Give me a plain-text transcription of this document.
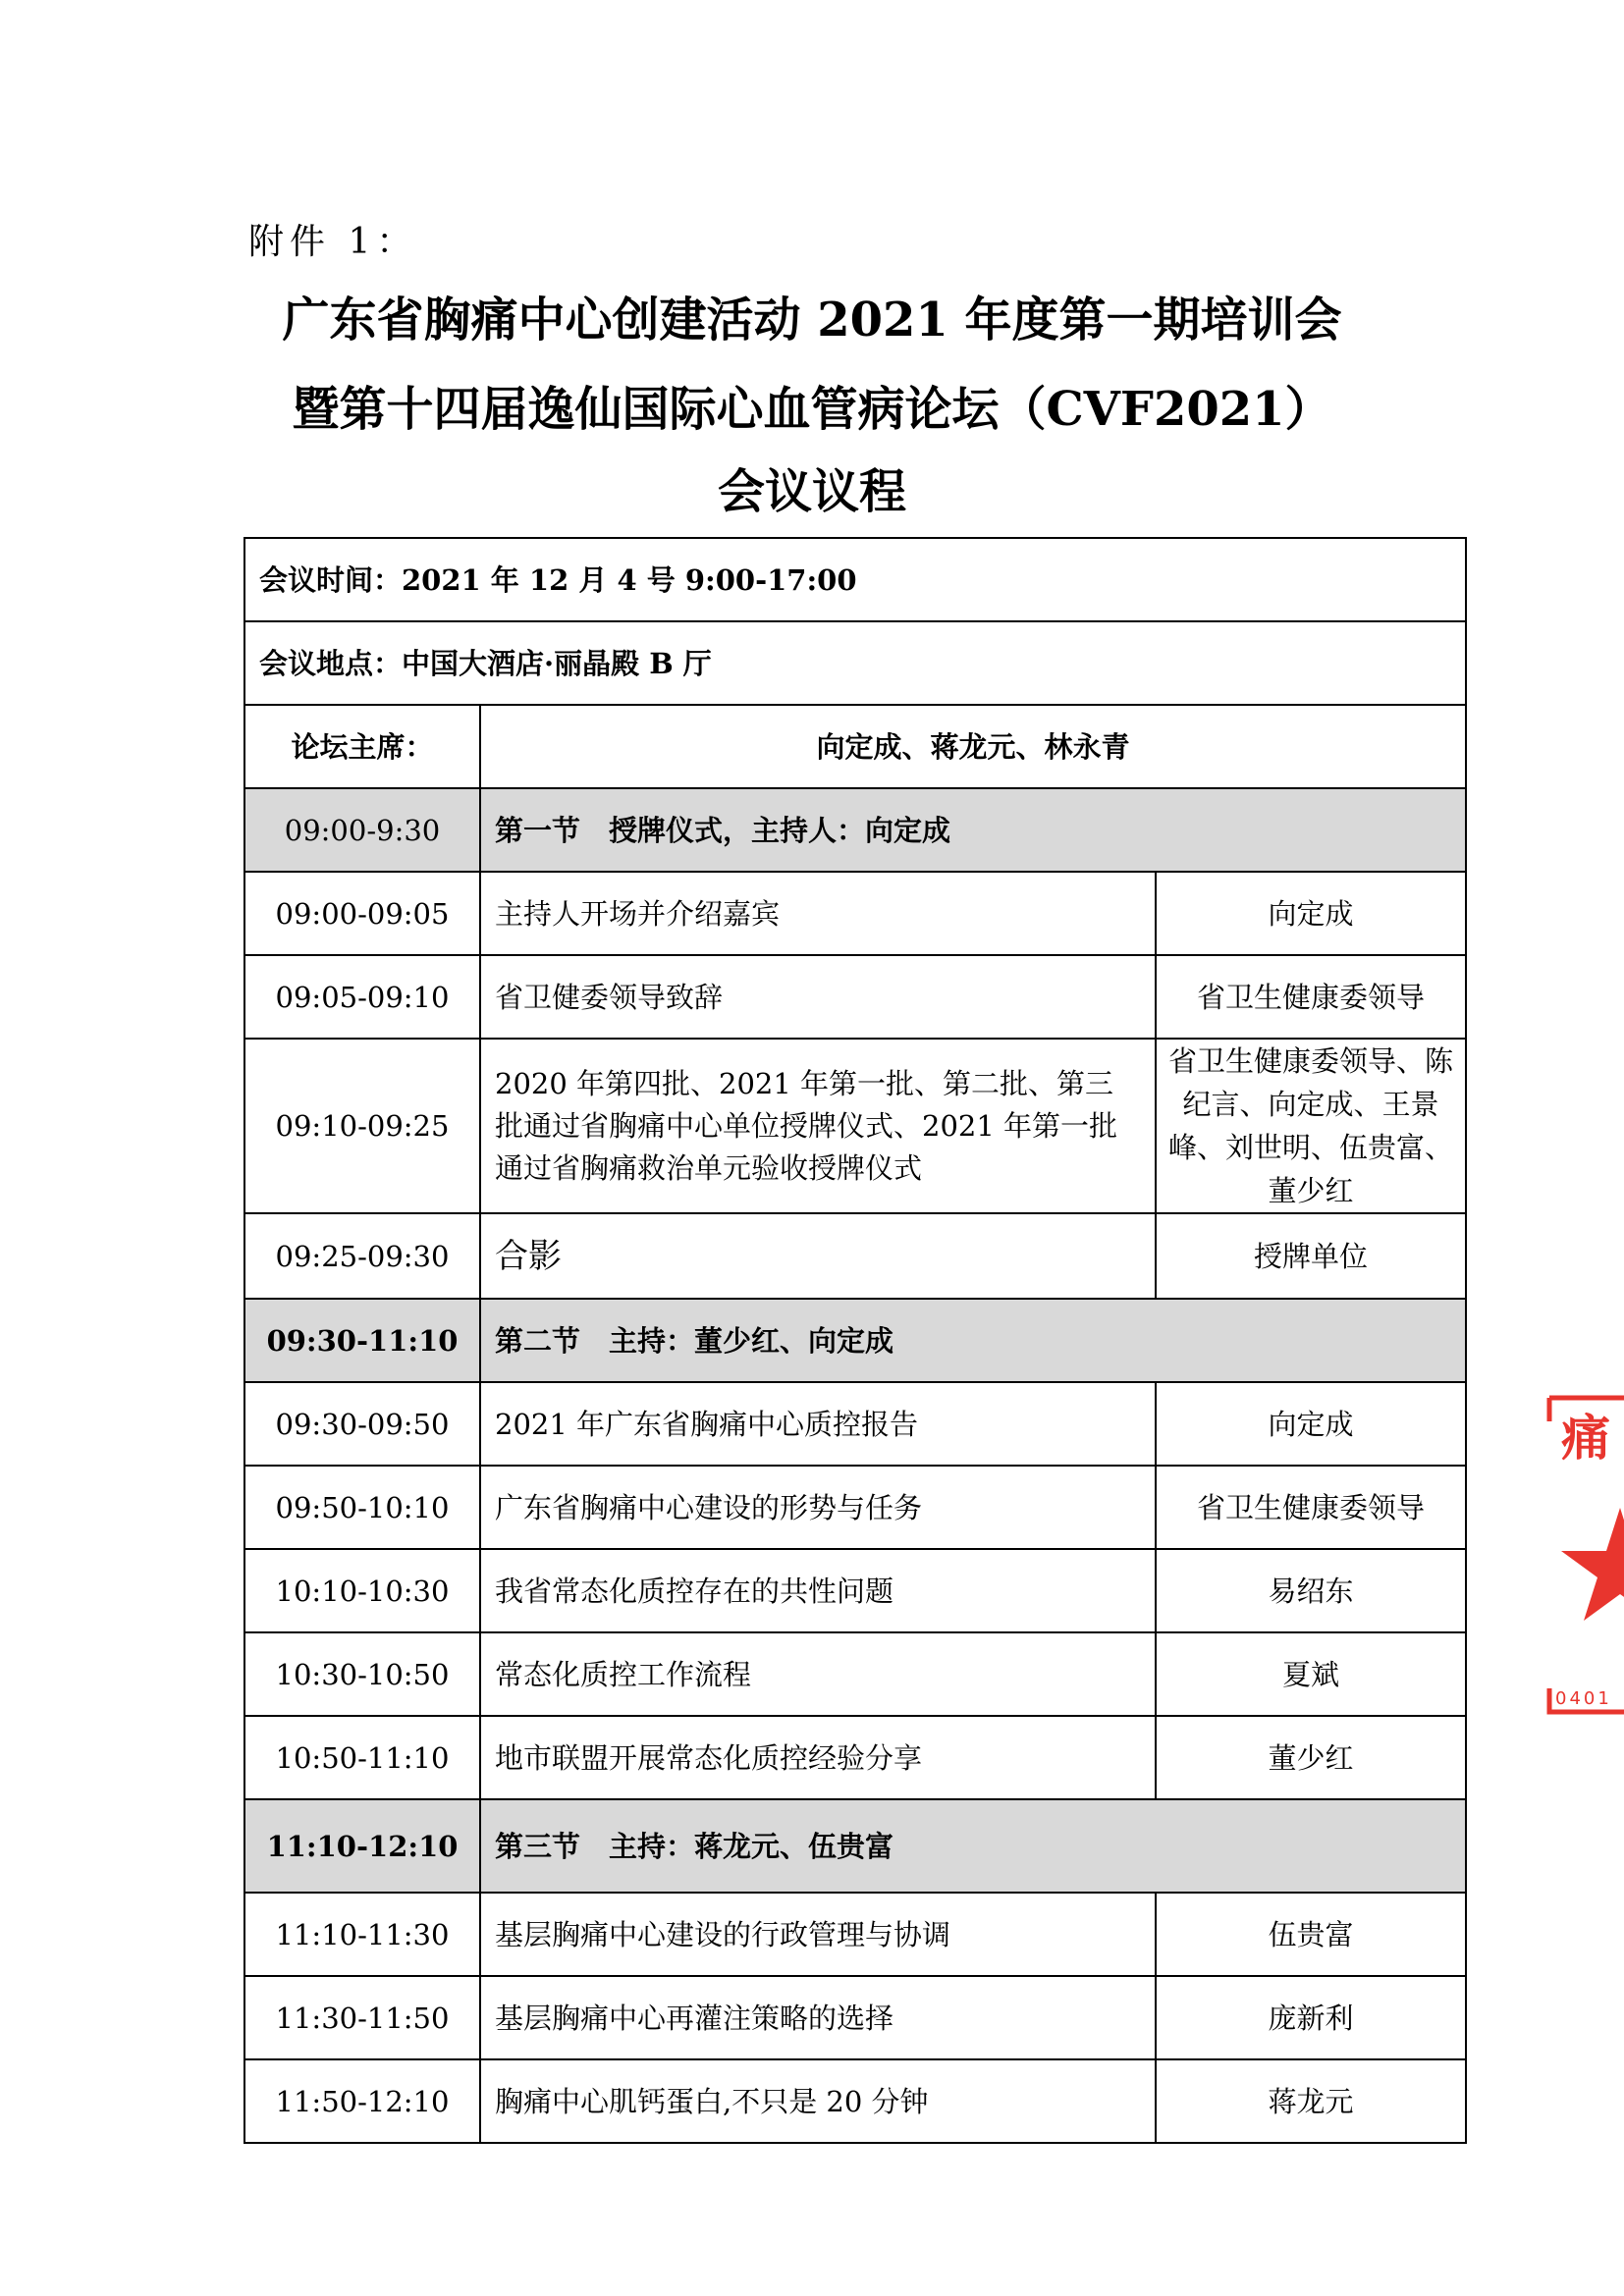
附件 1：
广东省胸痛中心创建活动 2021 年度第一期培训会
暨第十四届逸仙国际心血管病论坛（CVF2021）
会议议程
会议时间：2021 年 12 月 4 号 9:00-17:00		
会议地点：中国大酒店·丽晶殿 B 厅		
论坛主席：	向定成、蒋龙元、林永青	
09:00-9:30	第一节　授牌仪式，主持人：向定成	
09:00-09:05	主持人开场并介绍嘉宾	向定成
09:05-09:10	省卫健委领导致辞	省卫生健康委领导
09:10-09:25	2020 年第四批、2021 年第一批、第二批、第三批通过省胸痛中心单位授牌仪式、2021 年第一批通过省胸痛救治单元验收授牌仪式	省卫生健康委领导、陈纪言、向定成、王景峰、刘世明、伍贵富、董少红
09:25-09:30	合影	授牌单位
09:30-11:10	第二节　主持：董少红、向定成	
09:30-09:50	2021 年广东省胸痛中心质控报告	向定成
09:50-10:10	广东省胸痛中心建设的形势与任务	省卫生健康委领导
10:10-10:30	我省常态化质控存在的共性问题	易绍东
10:30-10:50	常态化质控工作流程	夏斌
10:50-11:10	地市联盟开展常态化质控经验分享	董少红
11:10-12:10	第三节　主持：蒋龙元、伍贵富	
11:10-11:30	基层胸痛中心建设的行政管理与协调	伍贵富
11:30-11:50	基层胸痛中心再灌注策略的选择	庞新利
11:50-12:10	胸痛中心肌钙蛋白,不只是 20 分钟	蒋龙元
痛
0401
